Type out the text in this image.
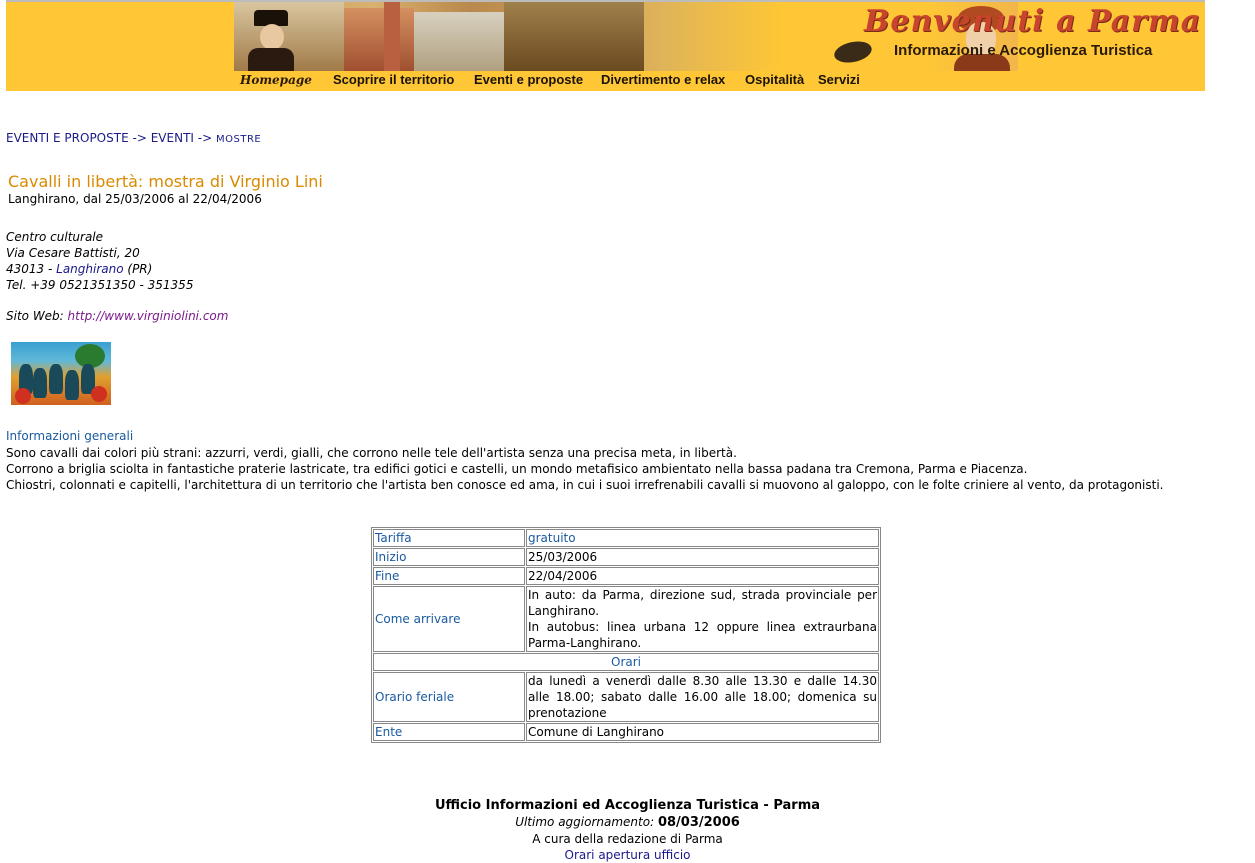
Benvenuti a Parma
Informazioni e Accoglienza Turistica
Homepage Scoprire il territorio Eventi e proposte Divertimento e relax Ospitalità Servizi
EVENTI E PROPOSTE -> EVENTI -> MOSTRE
Cavalli in libertà: mostra di Virginio Lini
Langhirano, dal 25/03/2006 al 22/04/2006
Centro culturale
Via Cesare Battisti, 20
43013 - Langhirano (PR)
Tel. +39 0521351350 - 351355
Sito Web: http://www.virginiolini.com
Informazioni generali
Sono cavalli dai colori più strani: azzurri, verdi, gialli, che corrono nelle tele dell'artista senza una precisa meta, in libertà.
Corrono a briglia sciolta in fantastiche praterie lastricate, tra edifici gotici e castelli, un mondo metafisico ambientato nella bassa padana tra Cremona, Parma e Piacenza.
Chiostri, colonnati e capitelli, l'architettura di un territorio che l'artista ben conosce ed ama, in cui i suoi irrefrenabili cavalli si muovono al galoppo, con le folte criniere al vento, da protagonisti.
Tariffa	gratuito
Inizio	25/03/2006
Fine	22/04/2006
Come arrivare	In auto: da Parma, direzione sud, strada provinciale per Langhirano.
In autobus: linea urbana 12 oppure linea extraurbana Parma-Langhirano.

Orari	
Orario feriale	da lunedì a venerdì dalle 8.30 alle 13.30 e dalle 14.30 alle 18.00; sabato dalle 16.00 alle 18.00; domenica su prenotazione
Ente	Comune di Langhirano
Ufficio Informazioni ed Accoglienza Turistica - Parma
Ultimo aggiornamento: 08/03/2006
A cura della redazione di Parma
Orari apertura ufficio
